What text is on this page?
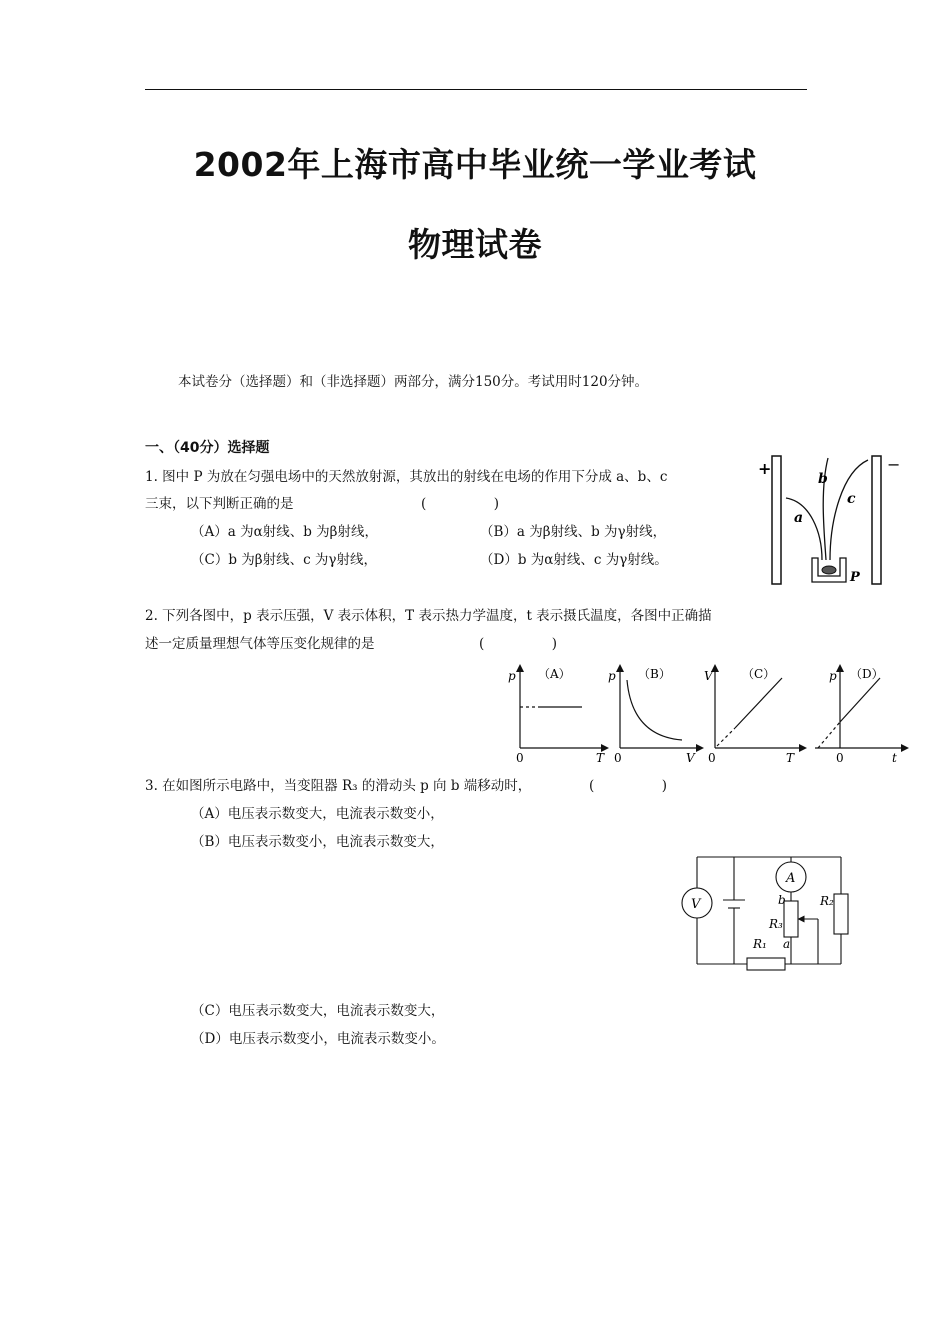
2002年上海市高中毕业统一学业考试
物理试卷
本试卷分（选择题）和（非选择题）两部分，满分150分。考试用时120分钟。
一、（40分）选择题
1. 图中 P 为放在匀强电场中的天然放射源，其放出的射线在电场的作用下分成 a、b、c
三束，以下判断正确的是	(　　　　　)
（A）a 为α射线、b 为β射线，	（B）a 为β射线、b 为γ射线，
（C）b 为β射线、c 为γ射线，	（D）b 为α射线、c 为γ射线。
+	−
a
b
c
P
2. 下列各图中，p 表示压强，V 表示体积，T 表示热力学温度，t 表示摄氏温度，各图中正确描
述一定质量理想气体等压变化规律的是	(　　　　　)
p
T
0
（A）	p
V
0
（B）	V
T
0
（C）	p
t
0
（D）
3. 在如图所示电路中，当变阻器 R₃ 的滑动头 p 向 b 端移动时，	(　　　　　)
（A）电压表示数变大，电流表示数变小，
（B）电压表示数变小，电流表示数变大，
（C）电压表示数变大，电流表示数变大，
（D）电压表示数变小，电流表示数变小。
V
A
R₃
R₂
R₁
b
a
